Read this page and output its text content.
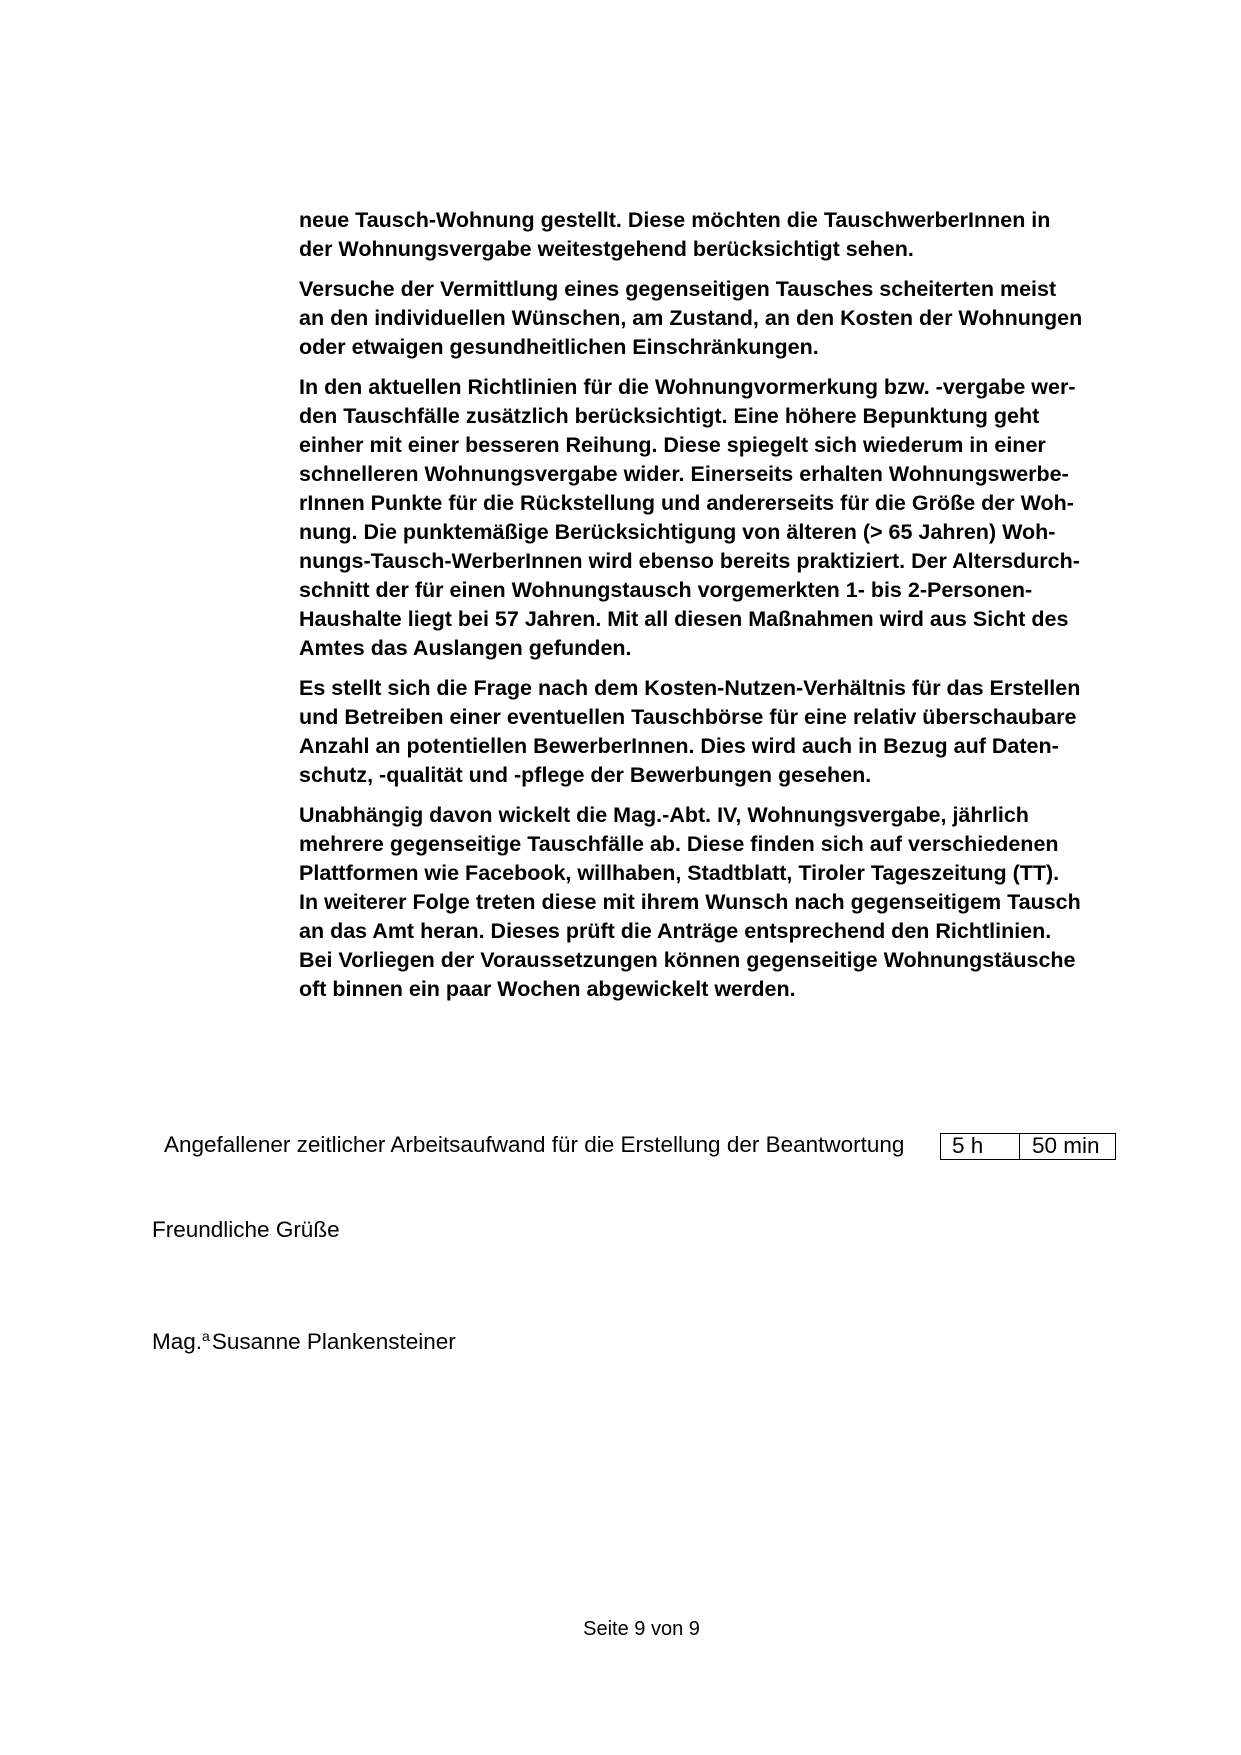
neue Tausch-Wohnung gestellt. Diese möchten die TauschwerberInnen in
der Wohnungsvergabe weitestgehend berücksichtigt sehen.

Versuche der Vermittlung eines gegenseitigen Tausches scheiterten meist
an den individuellen Wünschen, am Zustand, an den Kosten der Wohnungen
oder etwaigen gesundheitlichen Einschränkungen.

In den aktuellen Richtlinien für die Wohnungvormerkung bzw. -vergabe wer-
den Tauschfälle zusätzlich berücksichtigt. Eine höhere Bepunktung geht
einher mit einer besseren Reihung. Diese spiegelt sich wiederum in einer
schnelleren Wohnungsvergabe wider. Einerseits erhalten Wohnungswerbe-
rInnen Punkte für die Rückstellung und andererseits für die Größe der Woh-
nung. Die punktemäßige Berücksichtigung von älteren (> 65 Jahren) Woh-
nungs-Tausch-WerberInnen wird ebenso bereits praktiziert. Der Altersdurch-
schnitt der für einen Wohnungstausch vorgemerkten 1- bis 2-Personen-
Haushalte liegt bei 57 Jahren. Mit all diesen Maßnahmen wird aus Sicht des
Amtes das Auslangen gefunden.

Es stellt sich die Frage nach dem Kosten-Nutzen-Verhältnis für das Erstellen
und Betreiben einer eventuellen Tauschbörse für eine relativ überschaubare
Anzahl an potentiellen BewerberInnen. Dies wird auch in Bezug auf Daten-
schutz, -qualität und -pflege der Bewerbungen gesehen.

Unabhängig davon wickelt die Mag.-Abt. IV, Wohnungsvergabe, jährlich
mehrere gegenseitige Tauschfälle ab. Diese finden sich auf verschiedenen
Plattformen wie Facebook, willhaben, Stadtblatt, Tiroler Tageszeitung (TT).
In weiterer Folge treten diese mit ihrem Wunsch nach gegenseitigem Tausch
an das Amt heran. Dieses prüft die Anträge entsprechend den Richtlinien.
Bei Vorliegen der Voraussetzungen können gegenseitige Wohnungstäusche
oft binnen ein paar Wochen abgewickelt werden.

Angefallener zeitlicher Arbeitsaufwand für die Erstellung der Beantwortung	5 h	50 min
Freundliche Grüße
Mag.$^a$Susanne Plankensteiner
Seite 9 von 9
